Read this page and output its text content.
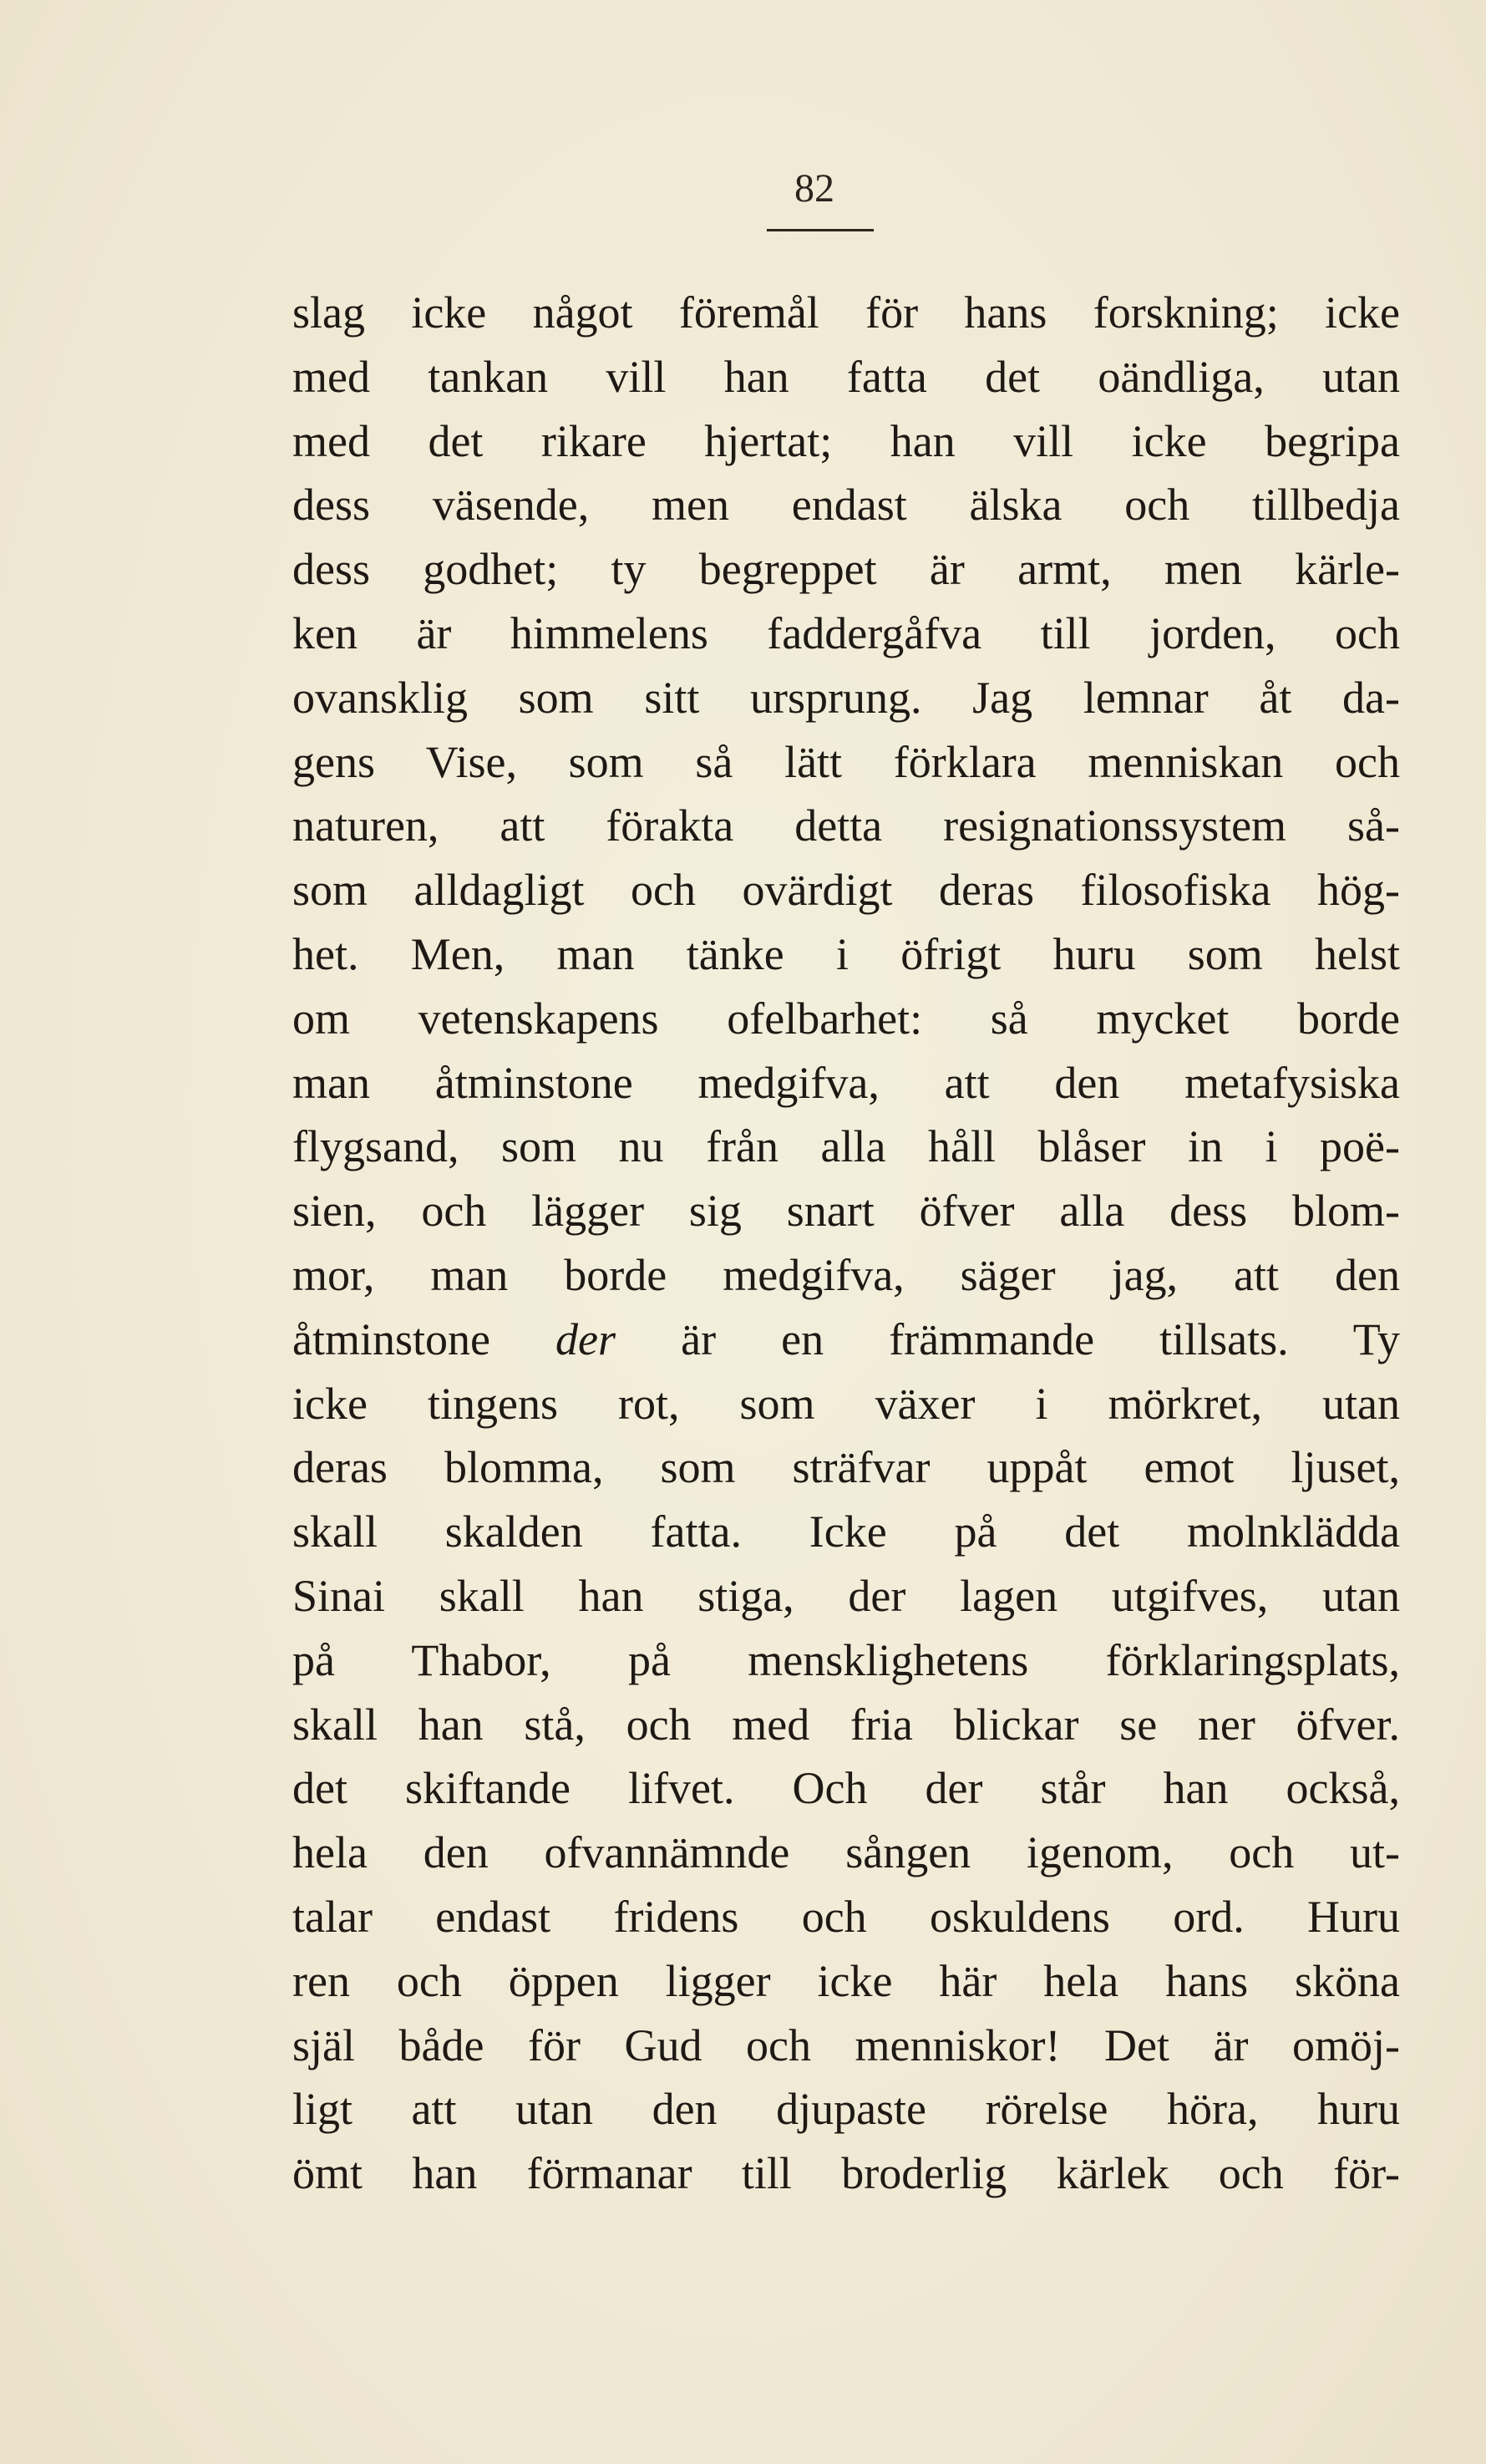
82
slag icke något föremål för hans forskning; icke
med tankan vill han fatta det oändliga, utan
med det rikare hjertat; han vill icke begripa
dess väsende, men endast älska och tillbedja
dess godhet; ty begreppet är armt, men kärle-
ken är himmelens faddergåfva till jorden, och
ovansklig som sitt ursprung. Jag lemnar åt da-
gens Vise, som så lätt förklara menniskan och
naturen, att förakta detta resignationssystem så-
som alldagligt och ovärdigt deras filosofiska hög-
het. Men, man tänke i öfrigt huru som helst
om vetenskapens ofelbarhet: så mycket borde
man åtminstone medgifva, att den metafysiska
flygsand, som nu från alla håll blåser in i poë-
sien, och lägger sig snart öfver alla dess blom-
mor, man borde medgifva, säger jag, att den
åtminstone der är en främmande tillsats. Ty
icke tingens rot, som växer i mörkret, utan
deras blomma, som sträfvar uppåt emot ljuset,
skall skalden fatta. Icke på det molnklädda
Sinai skall han stiga, der lagen utgifves, utan
på Thabor, på mensklighetens förklaringsplats,
skall han stå, och med fria blickar se ner öfver.
det skiftande lifvet. Och der står han också,
hela den ofvannämnde sången igenom, och ut-
talar endast fridens och oskuldens ord. Huru
ren och öppen ligger icke här hela hans sköna
själ både för Gud och menniskor! Det är omöj-
ligt att utan den djupaste rörelse höra, huru
ömt han förmanar till broderlig kärlek och för-
